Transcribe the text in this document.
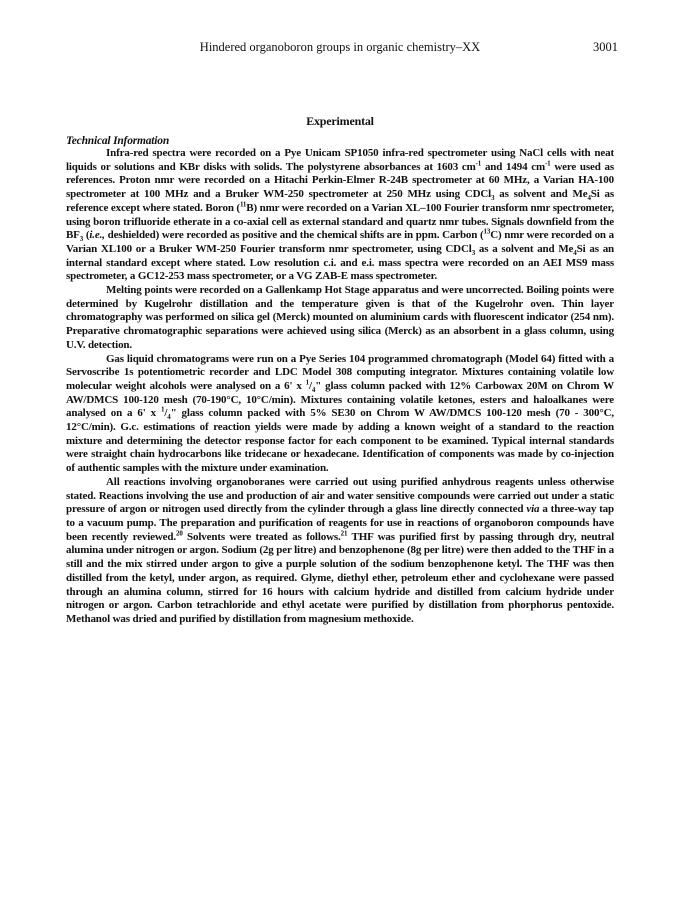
Hindered organoboron groups in organic chemistry–XX	3001
Experimental
Technical Information

Infra-red spectra were recorded on a Pye Unicam SP1050 infra-red spectrometer using NaCl cells with neat liquids or solutions and KBr disks with solids. The polystyrene absorbances at 1603 $cm^{-1}$ and 1494 $cm^{-1}$ were used as references. Proton nmr were recorded on a Hitachi Perkin-Elmer R-24B spectrometer at 60 MHz, a Varian HA-100 spectrometer at 100 MHz and a Bruker WM-250 spectrometer at 250 MHz using CDCl$_3$ as solvent and $Me_4Si$ as reference except where stated. Boron ($^{11}$B) nmr were recorded on a Varian XL–100 Fourier transform nmr spectrometer, using boron trifluoride etherate in a co-axial cell as external standard and quartz nmr tubes. Signals downfield from the $BF_3$ (i.e., deshielded) were recorded as positive and the chemical shifts are in ppm. Carbon ($^{13}$C) nmr were recorded on a Varian XL100 or a Bruker WM-250 Fourier transform nmr spectrometer, using CDCl$_3$ as a solvent and $Me_4Si$ as an internal standard except where stated. Low resolution c.i. and e.i. mass spectra were recorded on an AEI MS9 mass spectrometer, a GC12-253 mass spectrometer, or a VG ZAB-E mass spectrometer.

Melting points were recorded on a Gallenkamp Hot Stage apparatus and were uncorrected. Boiling points were determined by Kugelrohr distillation and the temperature given is that of the Kugelrohr oven. Thin layer chromatography was performed on silica gel (Merck) mounted on aluminium cards with fluorescent indicator (254 nm). Preparative chromatographic separations were achieved using silica (Merck) as an absorbent in a glass column, using U.V. detection.

Gas liquid chromatograms were run on a Pye Series 104 programmed chromatograph (Model 64) fitted with a Servoscribe 1s potentiometric recorder and LDC Model 308 computing integrator. Mixtures containing volatile low molecular weight alcohols were analysed on a 6' x $^1/_4$" glass column packed with 12% Carbowax 20M on Chrom W AW/DMCS 100-120 mesh (70-190°C, 10°C/min). Mixtures containing volatile ketones, esters and haloalkanes were analysed on a 6' x $^1/_4$" glass column packed with 5% SE30 on Chrom W AW/DMCS 100-120 mesh (70 - 300°C, 12°C/min). G.c. estimations of reaction yields were made by adding a known weight of a standard to the reaction mixture and determining the detector response factor for each component to be examined. Typical internal standards were straight chain hydrocarbons like tridecane or hexadecane. Identification of components was made by co-injection of authentic samples with the mixture under examination.

All reactions involving organoboranes were carried out using purified anhydrous reagents unless otherwise stated. Reactions involving the use and production of air and water sensitive compounds were carried out under a static pressure of argon or nitrogen used directly from the cylinder through a glass line directly connected via a three-way tap to a vacuum pump. The preparation and purification of reagents for use in reactions of organoboron compounds have been recently reviewed.$^{20}$ Solvents were treated as follows.$^{21}$ THF was purified first by passing through dry, neutral alumina under nitrogen or argon. Sodium (2g per litre) and benzophenone (8g per litre) were then added to the THF in a still and the mix stirred under argon to give a purple solution of the sodium benzophenone ketyl. The THF was then distilled from the ketyl, under argon, as required. Glyme, diethyl ether, petroleum ether and cyclohexane were passed through an alumina column, stirred for 16 hours with calcium hydride and distilled from calcium hydride under nitrogen or argon. Carbon tetrachloride and ethyl acetate were purified by distillation from phorphorus pentoxide. Methanol was dried and purified by distillation from magnesium methoxide.
